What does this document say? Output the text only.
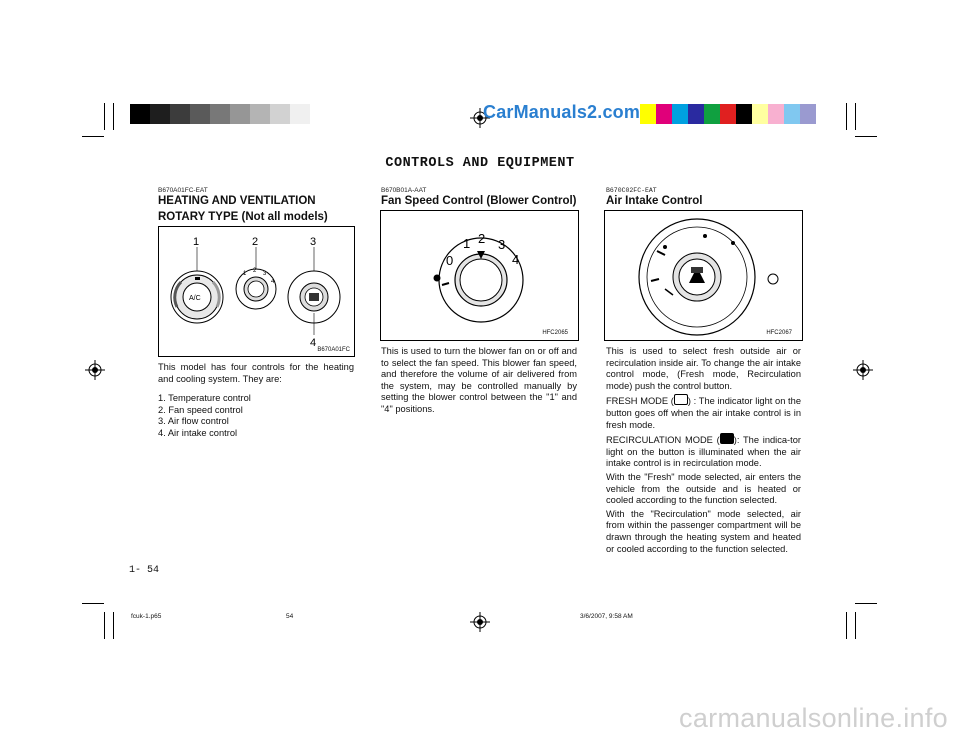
CarManuals2.com
CONTROLS AND EQUIPMENT
B670A01FC-EAT
HEATING AND VENTILATION
ROTARY TYPE (Not all models)
A/C
1 2 3
4
1	2	3
4
B670A01FC

This model has four controls for the heating and cooling system. They are:

1. Temperature control
2. Fan speed control
3. Air flow control
4. Air intake control
B670B01A-AAT
Fan Speed Control (Blower Control)
0
1 2 3
4
HFC2065
This is used to turn the blower fan on or off and to select the fan speed. This blower fan speed, and therefore the volume of air delivered from the system, may be controlled manually by setting the blower control between the "1" and "4" positions.
B670C02FC-EAT
Air Intake Control
HFC2067

This is used to select fresh outside air or recirculation inside air. To change the air intake control mode, (Fresh mode, Recirculation mode) push the control button.

FRESH MODE ( ) : The indicator light on the button goes off when the air intake control is in fresh mode.

RECIRCULATION MODE ( ): The indica-tor light on the button is illuminated when the air intake control is in recirculation mode.

With the "Fresh" mode selected, air enters the vehicle from the outside and is heated or cooled according to the function selected.

With the "Recirculation" mode selected, air from within the passenger compartment will be drawn through the heating system and heated or cooled according to the function selected.

1- 54
fcuk-1.p65	54	3/6/2007, 9:58 AM
carmanualsonline.info
